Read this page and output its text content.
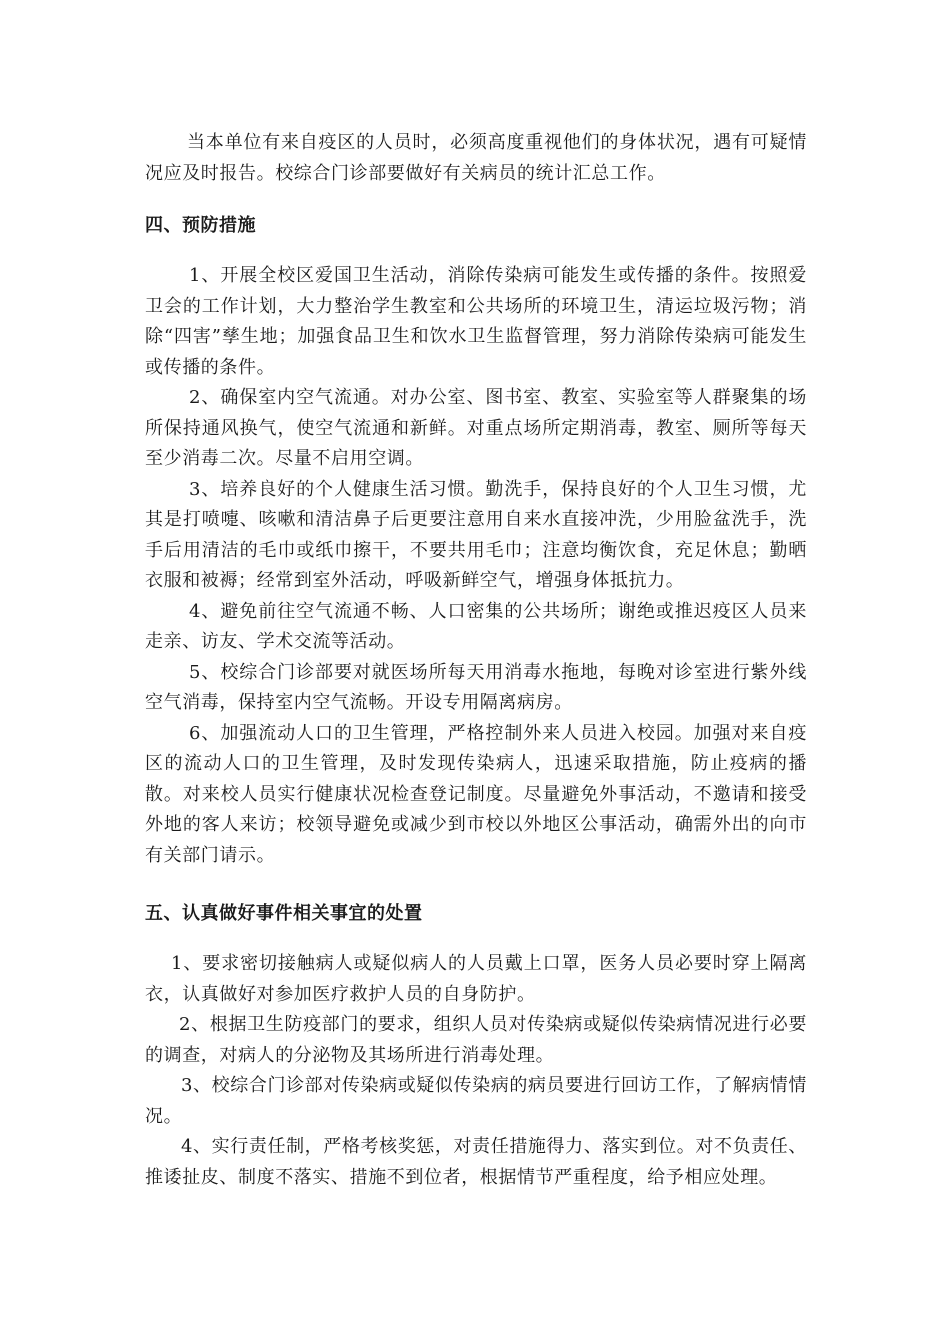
当本单位有来自疫区的人员时，必须高度重视他们的身体状况，遇有可疑情况应及时报告。校综合门诊部要做好有关病员的统计汇总工作。

四、预防措施

1、开展全校区爱国卫生活动，消除传染病可能发生或传播的条件。按照爱卫会的工作计划，大力整治学生教室和公共场所的环境卫生，清运垃圾污物；消除“四害”孳生地；加强食品卫生和饮水卫生监督管理，努力消除传染病可能发生或传播的条件。

2、确保室内空气流通。对办公室、图书室、教室、实验室等人群聚集的场所保持通风换气，使空气流通和新鲜。对重点场所定期消毒，教室、厕所等每天至少消毒二次。尽量不启用空调。

3、培养良好的个人健康生活习惯。勤洗手，保持良好的个人卫生习惯，尤其是打喷嚏、咳嗽和清洁鼻子后更要注意用自来水直接冲洗，少用脸盆洗手，洗手后用清洁的毛巾或纸巾擦干，不要共用毛巾；注意均衡饮食，充足休息；勤晒衣服和被褥；经常到室外活动，呼吸新鲜空气，增强身体抵抗力。

4、避免前往空气流通不畅、人口密集的公共场所；谢绝或推迟疫区人员来走亲、访友、学术交流等活动。

5、校综合门诊部要对就医场所每天用消毒水拖地，每晚对诊室进行紫外线空气消毒，保持室内空气流畅。开设专用隔离病房。

6、加强流动人口的卫生管理，严格控制外来人员进入校园。加强对来自疫区的流动人口的卫生管理，及时发现传染病人，迅速采取措施，防止疫病的播散。对来校人员实行健康状况检查登记制度。尽量避免外事活动，不邀请和接受外地的客人来访；校领导避免或减少到市校以外地区公事活动，确需外出的向市有关部门请示。

五、认真做好事件相关事宜的处置

1、要求密切接触病人或疑似病人的人员戴上口罩，医务人员必要时穿上隔离衣，认真做好对参加医疗救护人员的自身防护。

2、根据卫生防疫部门的要求，组织人员对传染病或疑似传染病情况进行必要的调查，对病人的分泌物及其场所进行消毒处理。

3、校综合门诊部对传染病或疑似传染病的病员要进行回访工作，了解病情情况。

4、实行责任制，严格考核奖惩，对责任措施得力、落实到位。对不负责任、推诿扯皮、制度不落实、措施不到位者，根据情节严重程度，给予相应处理。
